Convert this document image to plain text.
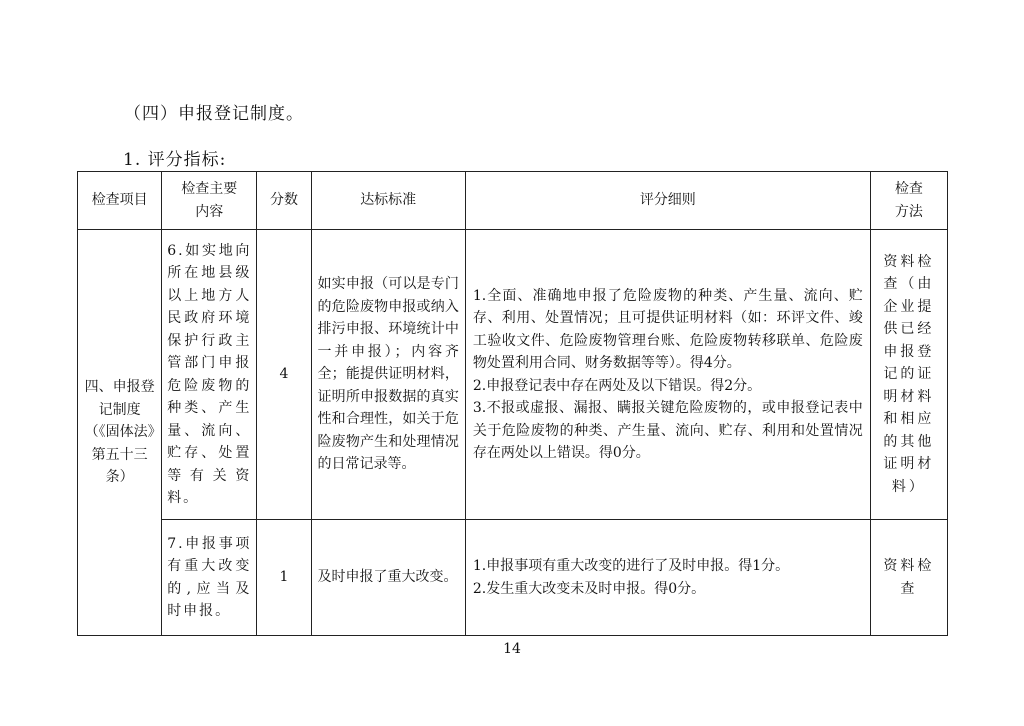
（四）申报登记制度。
1. 评分指标:
检查项目	检查主要内容	分数	达标标准	评分细则	检查方法
四、申报登记制度（《固体法》第五十三条）	6.如实地向所在地县级以上地方人民政府环境保护行政主管部门申报危险废物的种类、产生量、流向、贮存、处置等有关资料。	4	如实申报（可以是专门的危险废物申报或纳入排污申报、环境统计中一并申报）；内容齐全；能提供证明材料，证明所申报数据的真实性和合理性，如关于危险废物产生和处理情况的日常记录等。	1.全面、准确地申报了危险废物的种类、产生量、流向、贮存、利用、处置情况；且可提供证明材料（如：环评文件、竣工验收文件、危险废物管理台账、危险废物转移联单、危险废物处置利用合同、财务数据等等）。得4分。
2.申报登记表中存在两处及以下错误。得2分。
3.不报或虚报、漏报、瞒报关键危险废物的，或申报登记表中关于危险废物的种类、产生量、流向、贮存、利用和处置情况存在两处以上错误。得0分。	资料检查（由企业提供已经申报登记的证明材料和相应的其他证明材料）
	7.申报事项有重大改变的,应当及时申报。	1	及时申报了重大改变。	1.申报事项有重大改变的进行了及时申报。得1分。
2.发生重大改变未及时申报。得0分。	资料检查
14
